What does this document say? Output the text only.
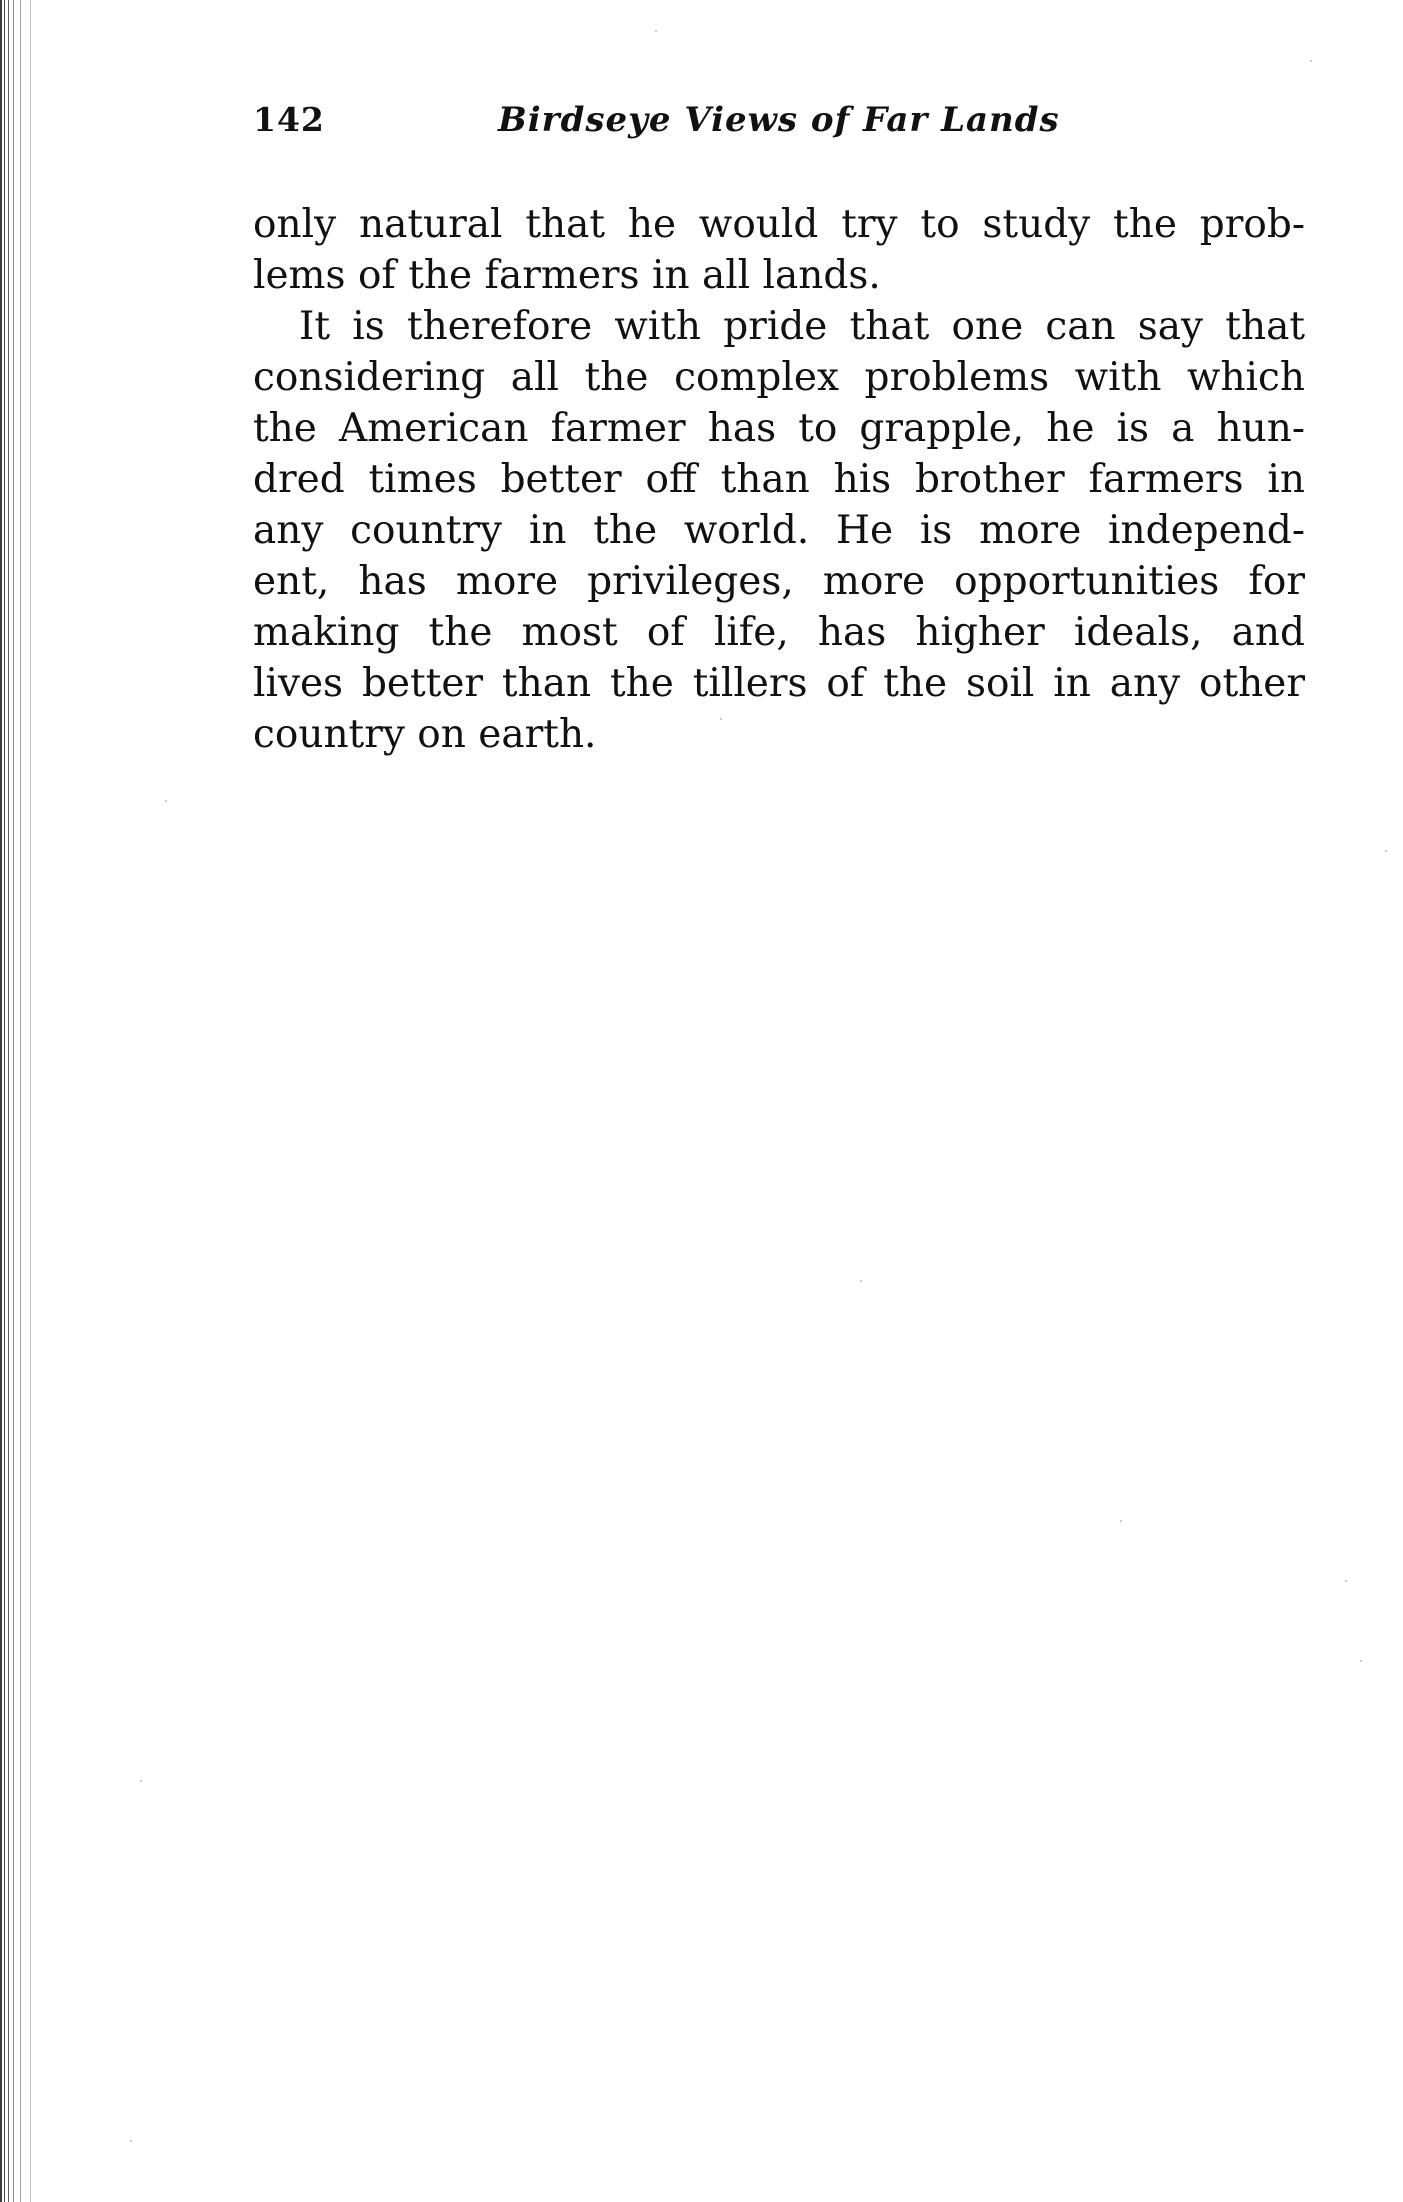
142	Birdseye Views of Far Lands
only natural that he would try to study the prob-
lems of the farmers in all lands.
It is therefore with pride that one can say that
considering all the complex problems with which
the American farmer has to grapple, he is a hun-
dred times better off than his brother farmers in
any country in the world. He is more independ-
ent, has more privileges, more opportunities for
making the most of life, has higher ideals, and
lives better than the tillers of the soil in any other
country on earth.
